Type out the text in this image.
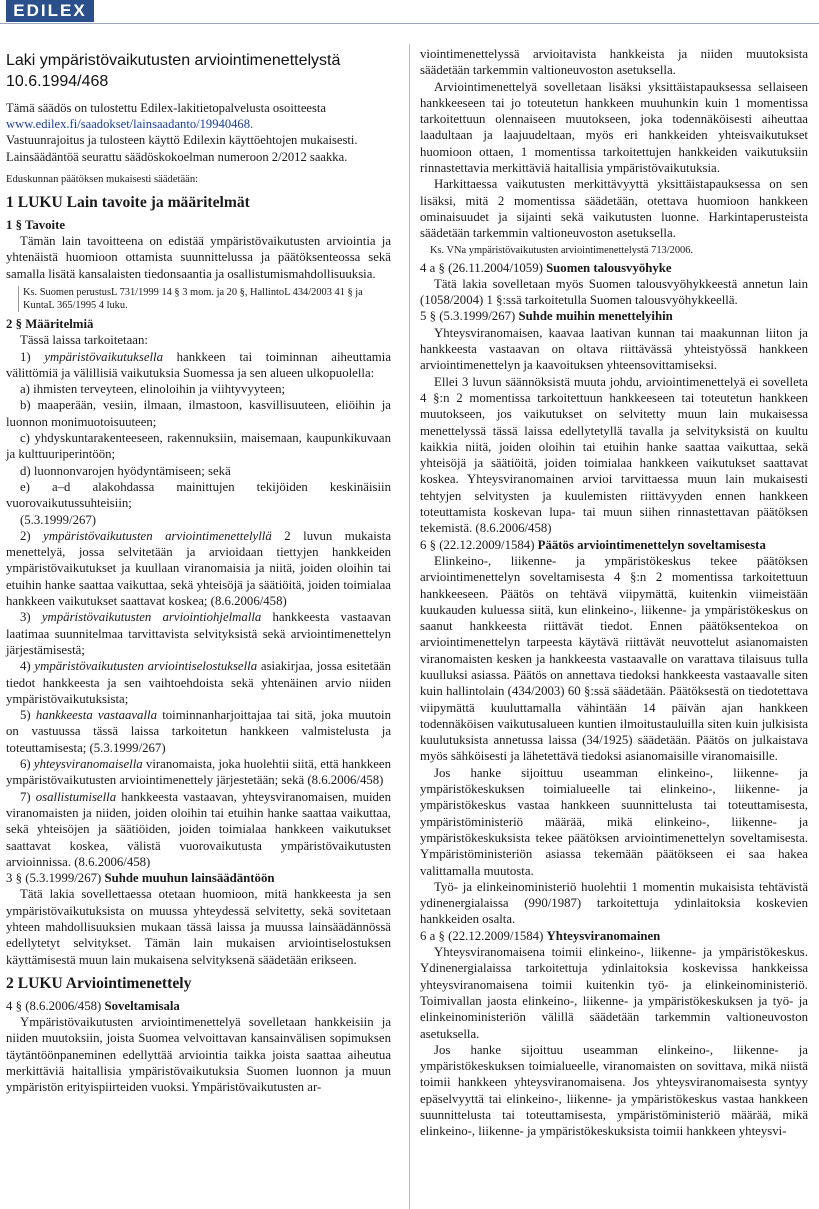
EDILEX
Laki ympäristövaikutusten arviointimenettelystä
10.6.1994/468
Tämä säädös on tulostettu Edilex-lakitietopalvelusta osoitteesta
www.edilex.fi/saadokset/lainsaadanto/19940468.
Vastuunrajoitus ja tulosteen käyttö Edilexin käyttöehtojen mukaisesti.
Lainsäädäntöä seurattu säädöskokoelman numeroon 2/2012 saakka.
Eduskunnan päätöksen mukaisesti säädetään:
1 LUKU Lain tavoite ja määritelmät
1 § Tavoite

Tämän lain tavoitteena on edistää ympäristövaikutusten arviointia ja yhtenäistä huomioon ottamista suunnittelussa ja päätöksenteossa sekä samalla lisätä kansalaisten tiedonsaantia ja osallistumismahdollisuuksia.

Ks. Suomen perustusL 731/1999 14 § 3 mom. ja 20 §, HallintoL 434/2003 41 § ja KuntaL 365/1995 4 luku.
2 § Määritelmiä

Tässä laissa tarkoitetaan:

1) ympäristövaikutuksella hankkeen tai toiminnan aiheuttamia välittömiä ja välillisiä vaikutuksia Suomessa ja sen alueen ulkopuolella:

a) ihmisten terveyteen, elinoloihin ja viihtyvyyteen;

b) maaperään, vesiin, ilmaan, ilmastoon, kasvillisuuteen, eliöihin ja luonnon monimuotoisuuteen;

c) yhdyskuntarakenteeseen, rakennuksiin, maisemaan, kaupunkikuvaan ja kulttuuriperintöön;

d) luonnonvarojen hyödyntämiseen; sekä

e) a–d alakohdassa mainittujen tekijöiden keskinäisiin vuorovaikutussuhteisiin;

(5.3.1999/267)

2) ympäristövaikutusten arviointimenettelyllä 2 luvun mukaista menettelyä, jossa selvitetään ja arvioidaan tiettyjen hankkeiden ympäristövaikutukset ja kuullaan viranomaisia ja niitä, joiden oloihin tai etuihin hanke saattaa vaikuttaa, sekä yhteisöjä ja säätiöitä, joiden toimialaa hankkeen vaikutukset saattavat koskea; (8.6.2006/458)

3) ympäristövaikutusten arviointiohjelmalla hankkeesta vastaavan laatimaa suunnitelmaa tarvittavista selvityksistä sekä arviointimenettelyn järjestämisestä;

4) ympäristövaikutusten arviointiselostuksella asiakirjaa, jossa esitetään tiedot hankkeesta ja sen vaihtoehdoista sekä yhtenäinen arvio niiden ympäristövaikutuksista;

5) hankkeesta vastaavalla toiminnanharjoittajaa tai sitä, joka muutoin on vastuussa tässä laissa tarkoitetun hankkeen valmistelusta ja toteuttamisesta; (5.3.1999/267)

6) yhteysviranomaisella viranomaista, joka huolehtii siitä, että hankkeen ympäristövaikutusten arviointimenettely järjestetään; sekä (8.6.2006/458)

7) osallistumisella hankkeesta vastaavan, yhteysviranomaisen, muiden viranomaisten ja niiden, joiden oloihin tai etuihin hanke saattaa vaikuttaa, sekä yhteisöjen ja säätiöiden, joiden toimialaa hankkeen vaikutukset saattavat koskea, välistä vuorovaikutusta ympäristövaikutusten arvioinnissa. (8.6.2006/458)

3 § (5.3.1999/267) Suhde muuhun lainsäädäntöön

Tätä lakia sovellettaessa otetaan huomioon, mitä hankkeesta ja sen ympäristövaikutuksista on muussa yhteydessä selvitetty, sekä sovitetaan yhteen mahdollisuuksien mukaan tässä laissa ja muussa lainsäädännössä edellytetyt selvitykset. Tämän lain mukaisen arviointiselostuksen käyttämisestä muun lain mukaisena selvityksenä säädetään erikseen.

2 LUKU Arviointimenettely
4 § (8.6.2006/458) Soveltamisala

Ympäristövaikutusten arviointimenettelyä sovelletaan hankkeisiin ja niiden muutoksiin, joista Suomea velvoittavan kansainvälisen sopimuksen täytäntöönpaneminen edellyttää arviointia taikka joista saattaa aiheutua merkittäviä haitallisia ympäristövaikutuksia Suomen luonnon ja muun ympäristön erityispiirteiden vuoksi. Ympäristövaikutusten ar-

viointimenettelyssä arvioitavista hankkeista ja niiden muutoksista säädetään tarkemmin valtioneuvoston asetuksella.

Arviointimenettelyä sovelletaan lisäksi yksittäistapauksessa sellaiseen hankkeeseen tai jo toteutetun hankkeen muuhunkin kuin 1 momentissa tarkoitettuun olennaiseen muutokseen, joka todennäköisesti aiheuttaa laadultaan ja laajuudeltaan, myös eri hankkeiden yhteisvaikutukset huomioon ottaen, 1 momentissa tarkoitettujen hankkeiden vaikutuksiin rinnastettavia merkittäviä haitallisia ympäristövaikutuksia.

Harkittaessa vaikutusten merkittävyyttä yksittäistapauksessa on sen lisäksi, mitä 2 momentissa säädetään, otettava huomioon hankkeen ominaisuudet ja sijainti sekä vaikutusten luonne. Harkintaperusteista säädetään tarkemmin valtioneuvoston asetuksella.

Ks. VNa ympäristövaikutusten arviointimenettelystä 713/2006.
4 a § (26.11.2004/1059) Suomen talousvyöhyke

Tätä lakia sovelletaan myös Suomen talousvyöhykkeestä annetun lain (1058/2004) 1 §:ssä tarkoitetulla Suomen talousvyöhykkeellä.

5 § (5.3.1999/267) Suhde muihin menettelyihin

Yhteysviranomaisen, kaavaa laativan kunnan tai maakunnan liiton ja hankkeesta vastaavan on oltava riittävässä yhteistyössä hankkeen arviointimenettelyn ja kaavoituksen yhteensovittamiseksi.

Ellei 3 luvun säännöksistä muuta johdu, arviointimenettelyä ei sovelleta 4 §:n 2 momentissa tarkoitettuun hankkeeseen tai toteutetun hankkeen muutokseen, jos vaikutukset on selvitetty muun lain mukaisessa menettelyssä tässä laissa edellytetyllä tavalla ja selvityksistä on kuultu kaikkia niitä, joiden oloihin tai etuihin hanke saattaa vaikuttaa, sekä yhteisöjä ja säätiöitä, joiden toimialaa hankkeen vaikutukset saattavat koskea. Yhteysviranomainen arvioi tarvittaessa muun lain mukaisesti tehtyjen selvitysten ja kuulemisten riittävyyden ennen hankkeen toteuttamista koskevan lupa- tai muun siihen rinnastettavan päätöksen tekemistä. (8.6.2006/458)

6 § (22.12.2009/1584) Päätös arviointimenettelyn soveltamisesta

Elinkeino-, liikenne- ja ympäristökeskus tekee päätöksen arviointimenettelyn soveltamisesta 4 §:n 2 momentissa tarkoitettuun hankkeeseen. Päätös on tehtävä viipymättä, kuitenkin viimeistään kuukauden kuluessa siitä, kun elinkeino-, liikenne- ja ympäristökeskus on saanut hankkeesta riittävät tiedot. Ennen päätöksentekoa on arviointimenettelyn tarpeesta käytävä riittävät neuvottelut asianomaisten viranomaisten kesken ja hankkeesta vastaavalle on varattava tilaisuus tulla kuulluksi asiassa. Päätös on annettava tiedoksi hankkeesta vastaavalle siten kuin hallintolain (434/2003) 60 §:ssä säädetään. Päätöksestä on tiedotettava viipymättä kuuluttamalla vähintään 14 päivän ajan hankkeen todennäköisen vaikutusalueen kuntien ilmoitustauluilla siten kuin julkisista kuulutuksista annetussa laissa (34/1925) säädetään. Päätös on julkaistava myös sähköisesti ja lähetettävä tiedoksi asianomaisille viranomaisille.

Jos hanke sijoittuu useamman elinkeino-, liikenne- ja ympäristökeskuksen toimialueelle tai elinkeino-, liikenne- ja ympäristökeskus vastaa hankkeen suunnittelusta tai toteuttamisesta, ympäristöministeriö määrää, mikä elinkeino-, liikenne- ja ympäristökeskuksista tekee päätöksen arviointimenettelyn soveltamisesta. Ympäristöministeriön asiassa tekemään päätökseen ei saa hakea valittamalla muutosta.

Työ- ja elinkeinoministeriö huolehtii 1 momentin mukaisista tehtävistä ydinenergialaissa (990/1987) tarkoitettuja ydinlaitoksia koskevien hankkeiden osalta.

6 a § (22.12.2009/1584) Yhteysviranomainen

Yhteysviranomaisena toimii elinkeino-, liikenne- ja ympäristökeskus. Ydinenergialaissa tarkoitettuja ydinlaitoksia koskevissa hankkeissa yhteysviranomaisena toimii kuitenkin työ- ja elinkeinoministeriö. Toimivallan jaosta elinkeino-, liikenne- ja ympäristökeskuksen ja työ- ja elinkeinoministeriön välillä säädetään tarkemmin valtioneuvoston asetuksella.

Jos hanke sijoittuu useamman elinkeino-, liikenne- ja ympäristökeskuksen toimialueelle, viranomaisten on sovittava, mikä niistä toimii hankkeen yhteysviranomaisena. Jos yhteysviranomaisesta syntyy epäselvyyttä tai elinkeino-, liikenne- ja ympäristökeskus vastaa hankkeen suunnittelusta tai toteuttamisesta, ympäristöministeriö määrää, mikä elinkeino-, liikenne- ja ympäristökeskuksista toimii hankkeen yhteysvi-
